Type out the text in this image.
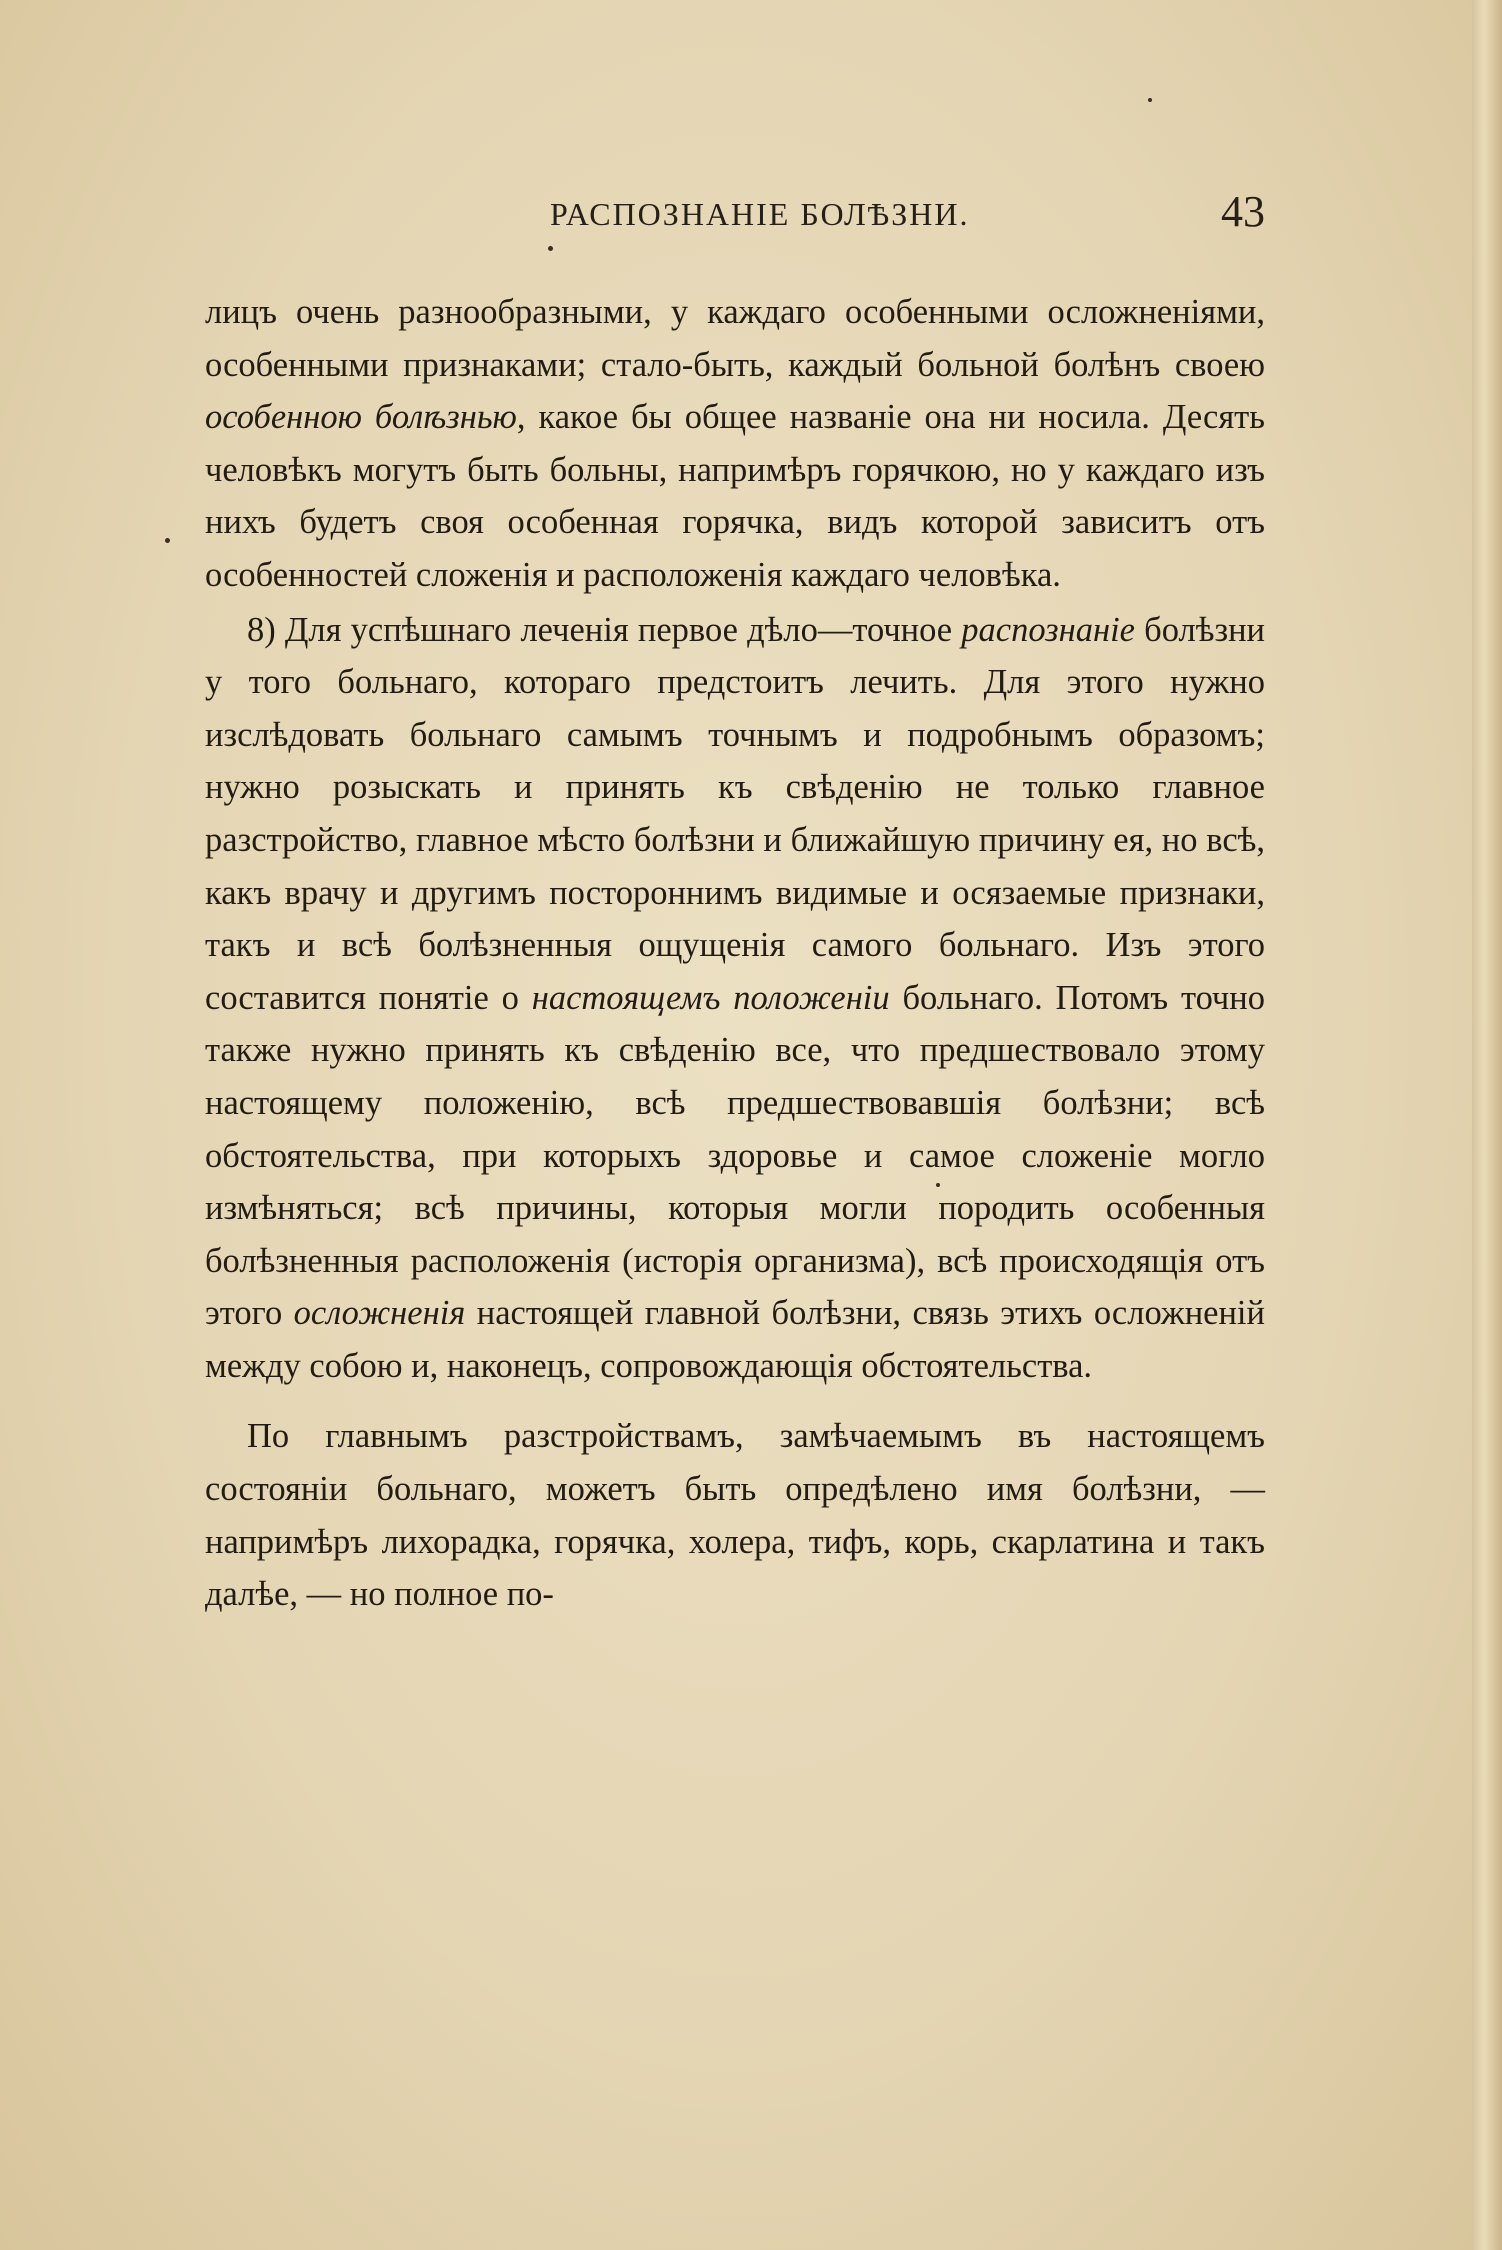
РАСПОЗНАНІЕ БОЛѢЗНИ.	43

лицъ очень разнообразными, у каждаго особенными осложненіями, особенными признаками; стало-быть, каждый больной болѣнъ своею особенною болѣзнью, какое бы общее названіе она ни носила. Десять человѣкъ могутъ быть больны, напримѣръ горячкою, но у каждаго изъ нихъ будетъ своя особенная горячка, видъ которой зависитъ отъ особенностей сложенія и расположенія каждаго человѣка.

8) Для успѣшнаго леченія первое дѣло—точное распознаніе болѣзни у того больнаго, котораго предстоитъ лечить. Для этого нужно изслѣдовать больнаго самымъ точнымъ и подробнымъ образомъ; нужно розыскать и принять къ свѣденію не только главное разстройство, главное мѣсто болѣзни и ближайшую причину ея, но всѣ, какъ врачу и другимъ постороннимъ видимые и осязаемые признаки, такъ и всѣ болѣзненныя ощущенія самого больнаго. Изъ этого составится понятіе о настоящемъ положеніи больнаго. Потомъ точно также нужно принять къ свѣденію все, что предшествовало этому настоящему положенію, всѣ предшествовавшія болѣзни; всѣ обстоятельства, при которыхъ здоровье и самое сложеніе могло измѣняться; всѣ причины, которыя могли породить особенныя болѣзненныя расположенія (исторія организма), всѣ происходящія отъ этого осложненія настоящей главной болѣзни, связь этихъ осложненій между собою и, наконецъ, сопровождающія обстоятельства.

По главнымъ разстройствамъ, замѣчаемымъ въ настоящемъ состояніи больнаго, можетъ быть опредѣлено имя болѣзни, — напримѣръ лихорадка, горячка, холера, тифъ, корь, скарлатина и такъ далѣе, — но полное по-
